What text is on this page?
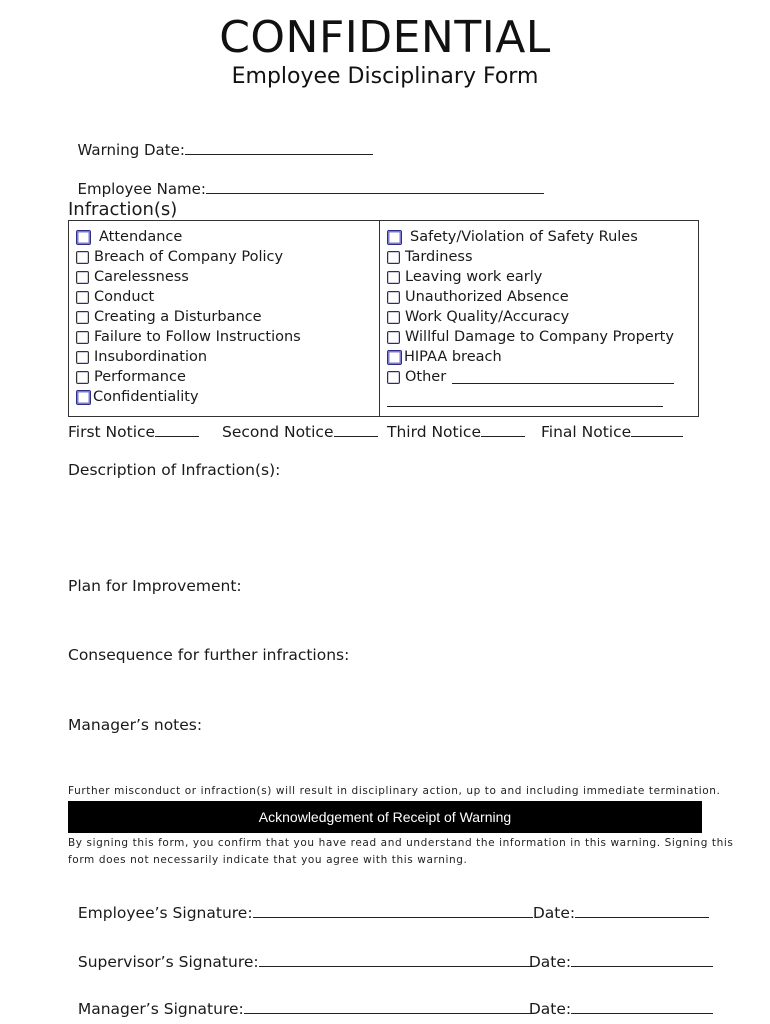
CONFIDENTIAL
Employee Disciplinary Form

Warning Date:

Employee Name:

Infraction(s)
Attendance
Breach of Company Policy
Carelessness
Conduct
Creating a Disturbance
Failure to Follow Instructions
Insubordination
Performance
Confidentiality
Safety/Violation of Safety Rules
Tardiness
Leaving work early
Unauthorized Absence
Work Quality/Accuracy
Willful Damage to Company Property
HIPAA breach
Other
First Notice	Second Notice	Third Notice	Final Notice
Description of Infraction(s):
Plan for Improvement:
Consequence for further infractions:
Manager’s notes:
Further misconduct or infraction(s) will result in disciplinary action, up to and including immediate termination.
Acknowledgement of Receipt of Warning
By signing this form, you confirm that you have read and understand the information in this warning. Signing this
form does not necessarily indicate that you agree with this warning.

Employee’s Signature:	Date:

Supervisor’s Signature:	Date:

Manager’s Signature:	Date:
